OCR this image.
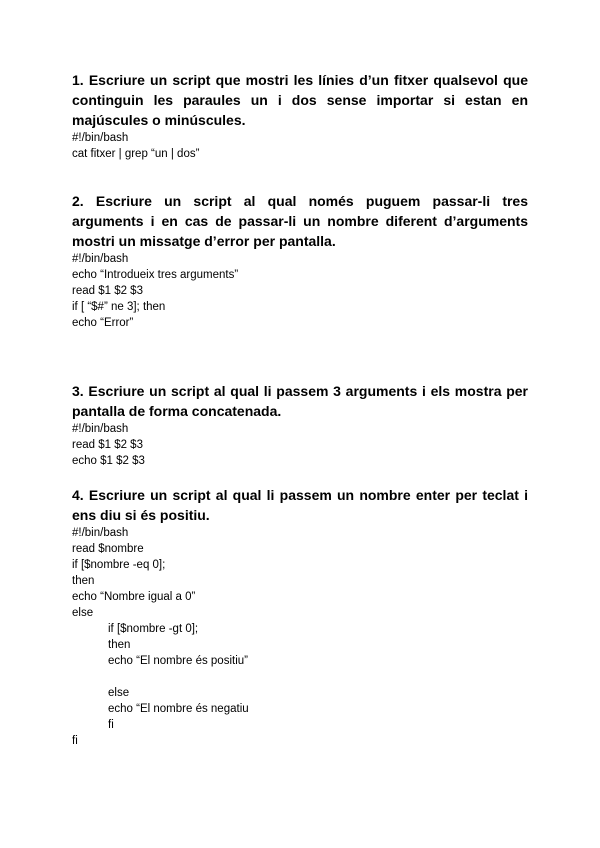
1. Escriure un script que mostri les línies d’un fitxer qualsevol que continguin les paraules un i dos sense importar si estan en majúscules o minúscules.

#!/bin/bash
cat fitxer | grep “un | dos”

2. Escriure un script al qual només puguem passar-li tres arguments i en cas de passar-li un nombre diferent d’arguments mostri un missatge d’error per pantalla.

#!/bin/bash
echo “Introdueix tres arguments”
read $1 $2 $3
if [ “$#” ne 3]; then
echo “Error”

3. Escriure un script al qual li passem 3 arguments i els mostra per pantalla de forma concatenada.

#!/bin/bash
read $1 $2 $3
echo $1 $2 $3

4. Escriure un script al qual li passem un nombre enter per teclat i ens diu si és positiu.

#!/bin/bash
read $nombre
if [$nombre -eq 0];
then
echo “Nombre igual a 0”
else
if [$nombre -gt 0];
then
echo “El nombre és positiu”
else
echo “El nombre és negatiu
fi
fi
